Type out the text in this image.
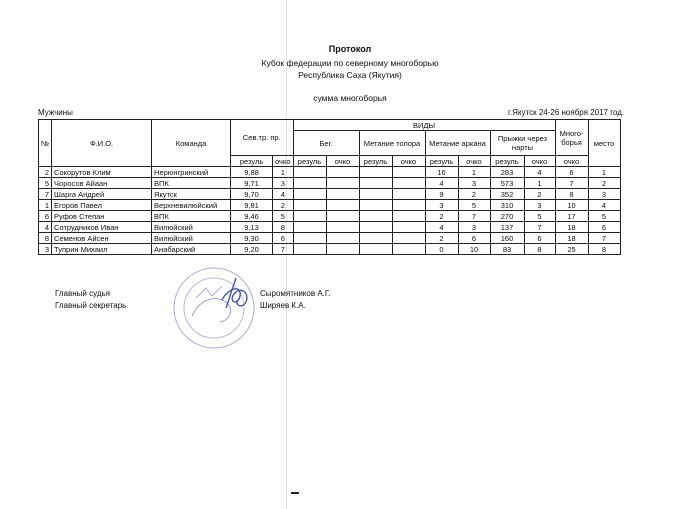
Протокол
Кубок федерации по северному многоборью
Республика Саха (Якутия)
сумма многоборья
Мужчины	г.Якутск 24-26 ноября 2017 год.
№	Ф.И.О.	Команда	Сев.тр. пр.		ВИДЫ								Много-борья	место
					Бег.		Метание топора		Метание аркана		Прыжки через нарты			
			резуль	очко	резуль	очко	резуль	очко	резуль	очко	резуль	очко	очко	
2	Сокорутов Клим	Нерюнгринский	9,88	1					16	1	283	4	6	1
5	Чоросов Айаан	ВПК	9,71	3					4	3	573	1	7	2
7	Шарга Андрей	Якутск	9,70	4					9	2	352	2	8	3
1	Егоров Павел	Верхневилюйский	9,81	2					3	5	310	3	10	4
6	Руфов Степан	ВПК	9,46	5					2	7	270	5	17	5
4	Сотрудников Иван	Вилюйский	9,13	8					4	3	137	7	18	6
8	Семенов Айсен	Вилюйский	9,30	6					2	6	160	6	18	7
3	Туприн Михаил	Анабарский	9,20	7					0	10	83	8	25	8
Главный судья
Главный секретарь
Сыромятников А.Г.
Ширяев К.А.
